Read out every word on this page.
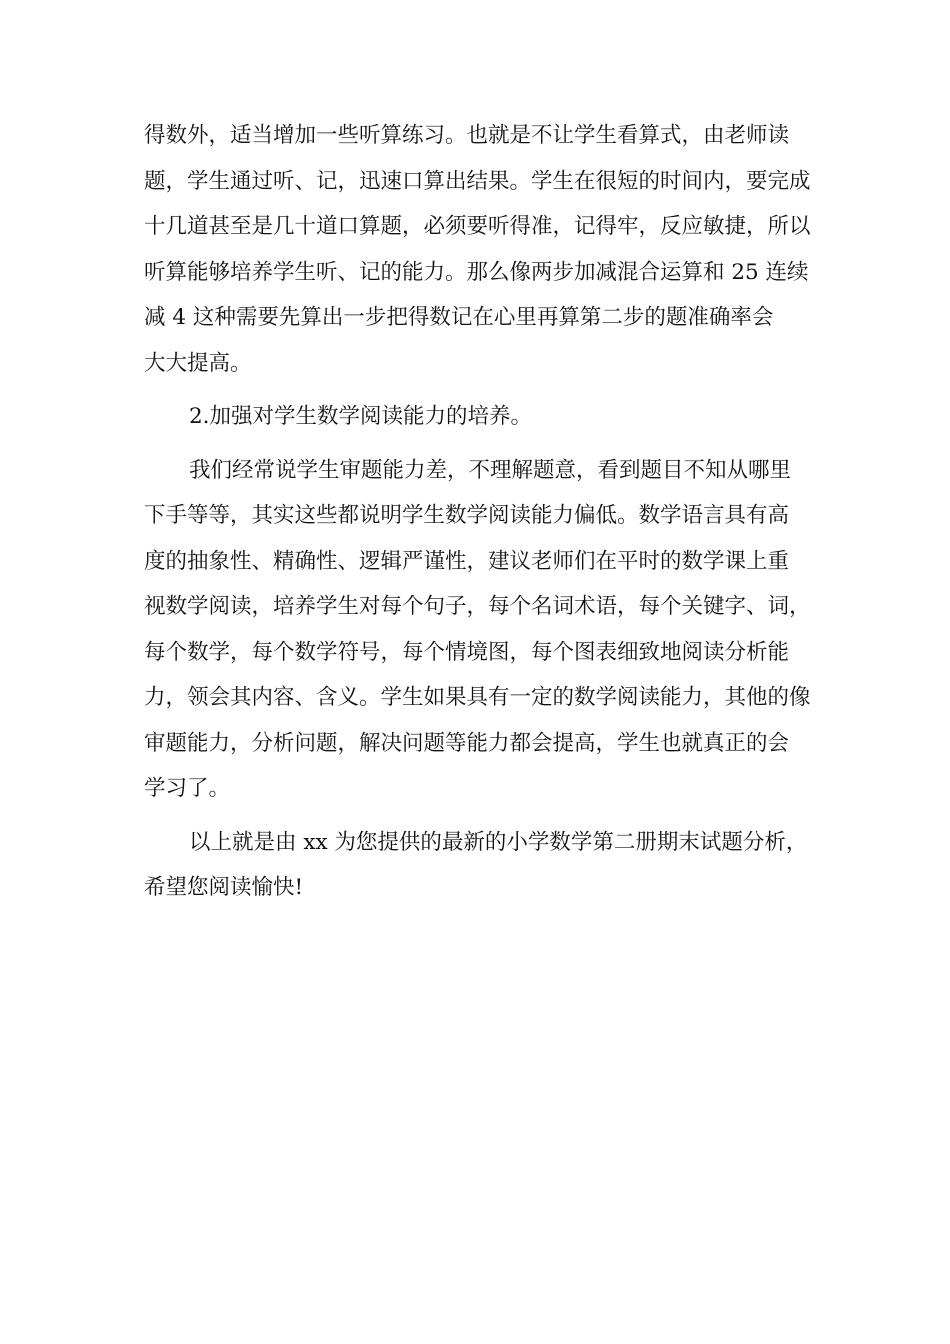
得数外，适当增加一些听算练习。也就是不让学生看算式，由老师读
题，学生通过听、记，迅速口算出结果。学生在很短的时间内，要完成
十几道甚至是几十道口算题，必须要听得准，记得牢，反应敏捷，所以
听算能够培养学生听、记的能力。那么像两步加减混合运算和 25 连续
减 4 这种需要先算出一步把得数记在心里再算第二步的题准确率会
大大提高。
2.加强对学生数学阅读能力的培养。
我们经常说学生审题能力差，不理解题意，看到题目不知从哪里
下手等等，其实这些都说明学生数学阅读能力偏低。数学语言具有高
度的抽象性、精确性、逻辑严谨性，建议老师们在平时的数学课上重
视数学阅读，培养学生对每个句子，每个名词术语，每个关键字、词，
每个数学，每个数学符号，每个情境图，每个图表细致地阅读分析能
力，领会其内容、含义。学生如果具有一定的数学阅读能力，其他的像
审题能力，分析问题，解决问题等能力都会提高，学生也就真正的会
学习了。
以上就是由 xx 为您提供的最新的小学数学第二册期末试题分析，
希望您阅读愉快!
